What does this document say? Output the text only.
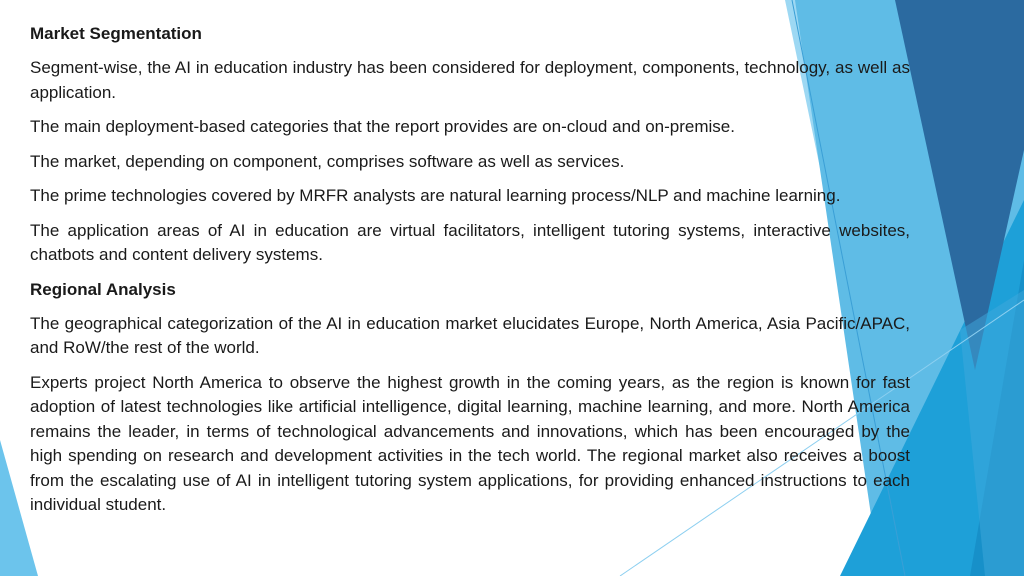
Market Segmentation

Segment-wise, the AI in education industry has been considered for deployment, components, technology, as well as application.

The main deployment-based categories that the report provides are on-cloud and on-premise.

The market, depending on component, comprises software as well as services.

The prime technologies covered by MRFR analysts are natural learning process/NLP and machine learning.

The application areas of AI in education are virtual facilitators, intelligent tutoring systems, interactive websites, chatbots and content delivery systems.

Regional Analysis

The geographical categorization of the AI in education market elucidates Europe, North America, Asia Pacific/APAC, and RoW/the rest of the world.

Experts project North America to observe the highest growth in the coming years, as the region is known for fast adoption of latest technologies like artificial intelligence, digital learning, machine learning, and more. North America remains the leader, in terms of technological advancements and innovations, which has been encouraged by the high spending on research and development activities in the tech world. The regional market also receives a boost from the escalating use of AI in intelligent tutoring system applications, for providing enhanced instructions to each individual student.
